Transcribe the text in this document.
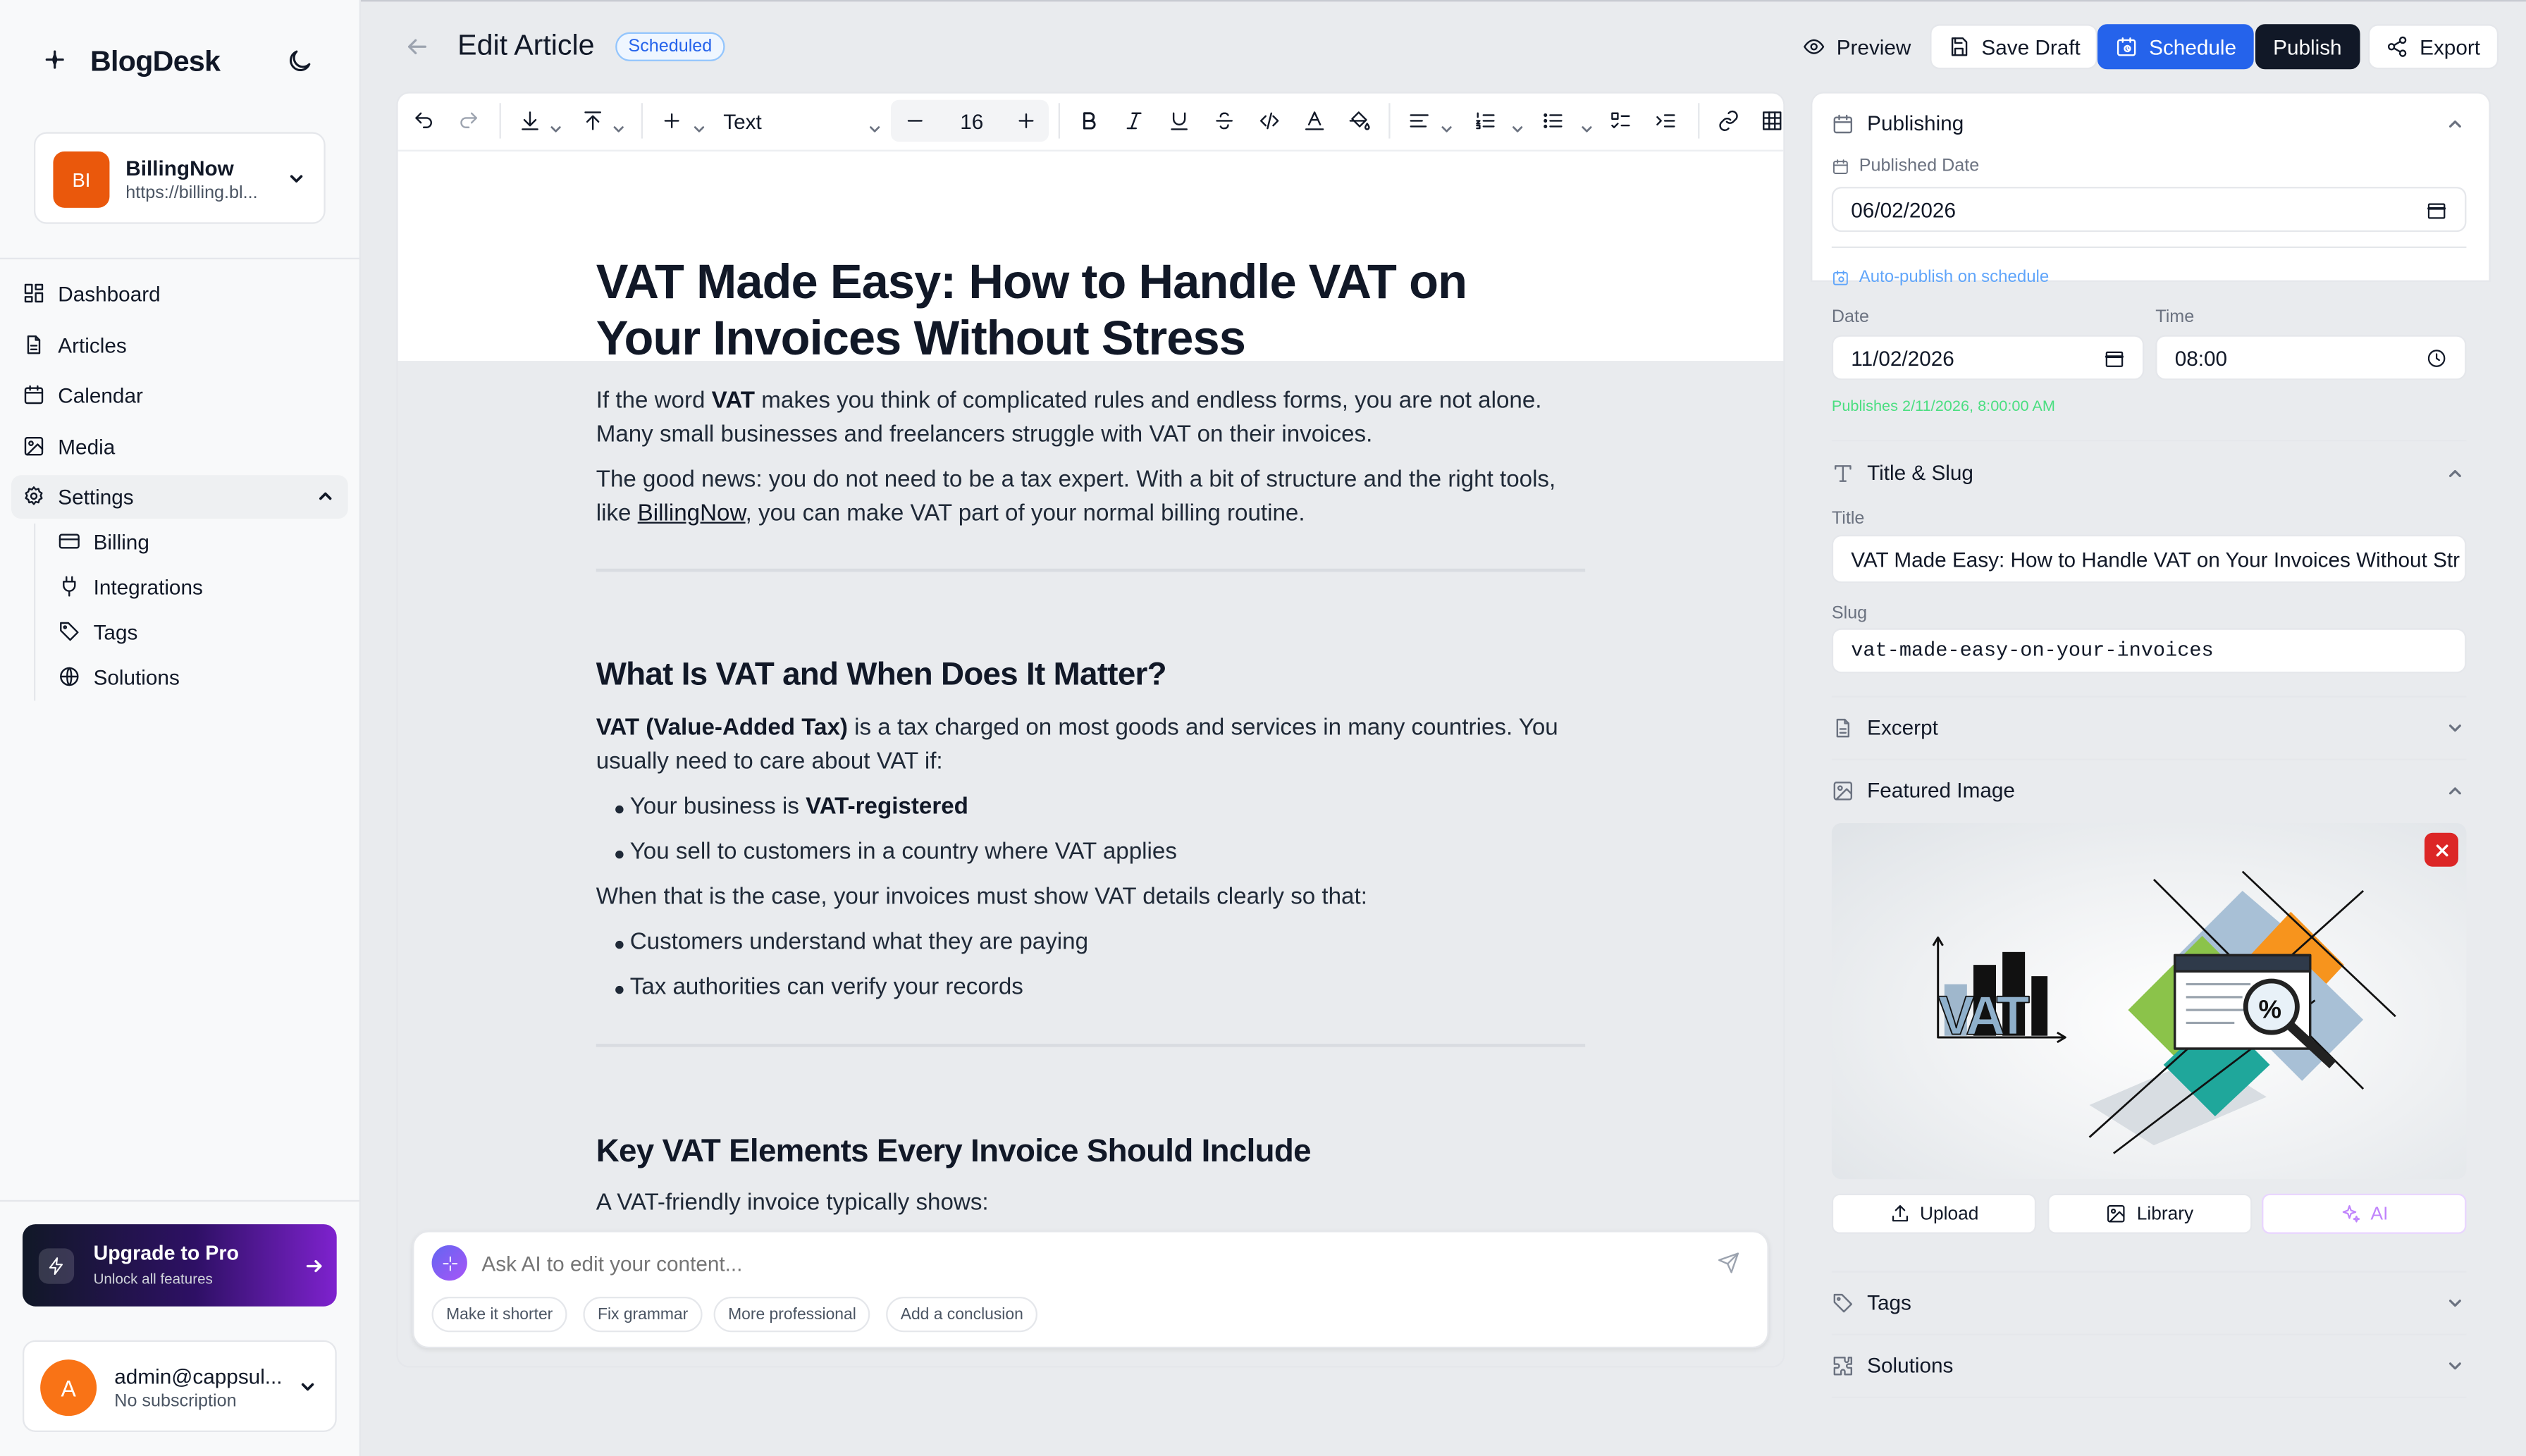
BlogDesk
BI	BillingNow
https://billing.bl...
Dashboard
Articles
Calendar
Media
Settings
Billing
Integrations
Tags
Solutions
Upgrade to Pro
Unlock all features
A	admin@cappsul...
No subscription
Edit Article	Scheduled	Preview	Save Draft	Schedule	Publish	Export
Text	16
VAT Made Easy: How to Handle VAT on Your Invoices Without Stress
If the word VAT makes you think of complicated rules and endless forms, you are not alone. Many small businesses and freelancers struggle with VAT on their invoices.
The good news: you do not need to be a tax expert. With a bit of structure and the right tools, like BillingNow, you can make VAT part of your normal billing routine.
What Is VAT and When Does It Matter?
VAT (Value-Added Tax) is a tax charged on most goods and services in many countries. You usually need to care about VAT if:
Your business is VAT-registered
You sell to customers in a country where VAT applies
When that is the case, your invoices must show VAT details clearly so that:
Customers understand what they are paying
Tax authorities can verify your records
Key VAT Elements Every Invoice Should Include
A VAT-friendly invoice typically shows:
Ask AI to edit your content...
Make it shorter	Fix grammar	More professional	Add a conclusion
Publishing
Published Date
06/02/2026
Auto-publish on schedule
Date
11/02/2026
Time
08:00
Publishes 2/11/2026, 8:00:00 AM
Title & Slug
Title
VAT Made Easy: How to Handle VAT on Your Invoices Without Str
Slug
vat-made-easy-on-your-invoices
Excerpt
Featured Image
%
VAT
Upload	Library	AI
Tags
Solutions
